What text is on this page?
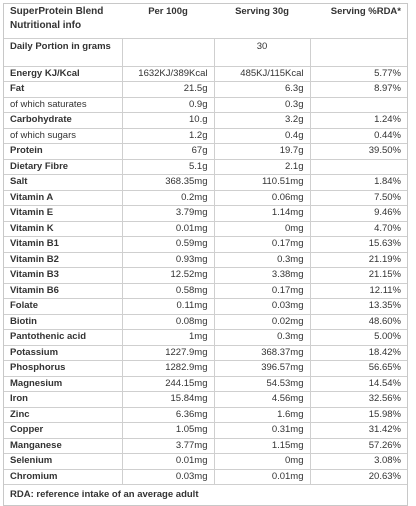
SuperProtein Blend
Nutritional info	Per 100g	Serving 30g	Serving %RDA*
Daily Portion in grams		30	
Energy KJ/Kcal	1632KJ/389Kcal	485KJ/115Kcal	5.77%
Fat	21.5g	6.3g	8.97%
of which saturates	0.9g	0.3g	
Carbohydrate	10.g	3.2g	1.24%
of which sugars	1.2g	0.4g	0.44%
Protein	67g	19.7g	39.50%
Dietary Fibre	5.1g	2.1g	
Salt	368.35mg	110.51mg	1.84%
Vitamin A	0.2mg	0.06mg	7.50%
Vitamin E	3.79mg	1.14mg	9.46%
Vitamin K	0.01mg	0mg	4.70%
Vitamin B1	0.59mg	0.17mg	15.63%
Vitamin B2	0.93mg	0.3mg	21.19%
Vitamin B3	12.52mg	3.38mg	21.15%
Vitamin B6	0.58mg	0.17mg	12.11%
Folate	0.11mg	0.03mg	13.35%
Biotin	0.08mg	0.02mg	48.60%
Pantothenic acid	1mg	0.3mg	5.00%
Potassium	1227.9mg	368.37mg	18.42%
Phosphorus	1282.9mg	396.57mg	56.65%
Magnesium	244.15mg	54.53mg	14.54%
Iron	15.84mg	4.56mg	32.56%
Zinc	6.36mg	1.6mg	15.98%
Copper	1.05mg	0.31mg	31.42%
Manganese	3.77mg	1.15mg	57.26%
Selenium	0.01mg	0mg	3.08%
Chromium	0.03mg	0.01mg	20.63%
RDA: reference intake of an average adult
